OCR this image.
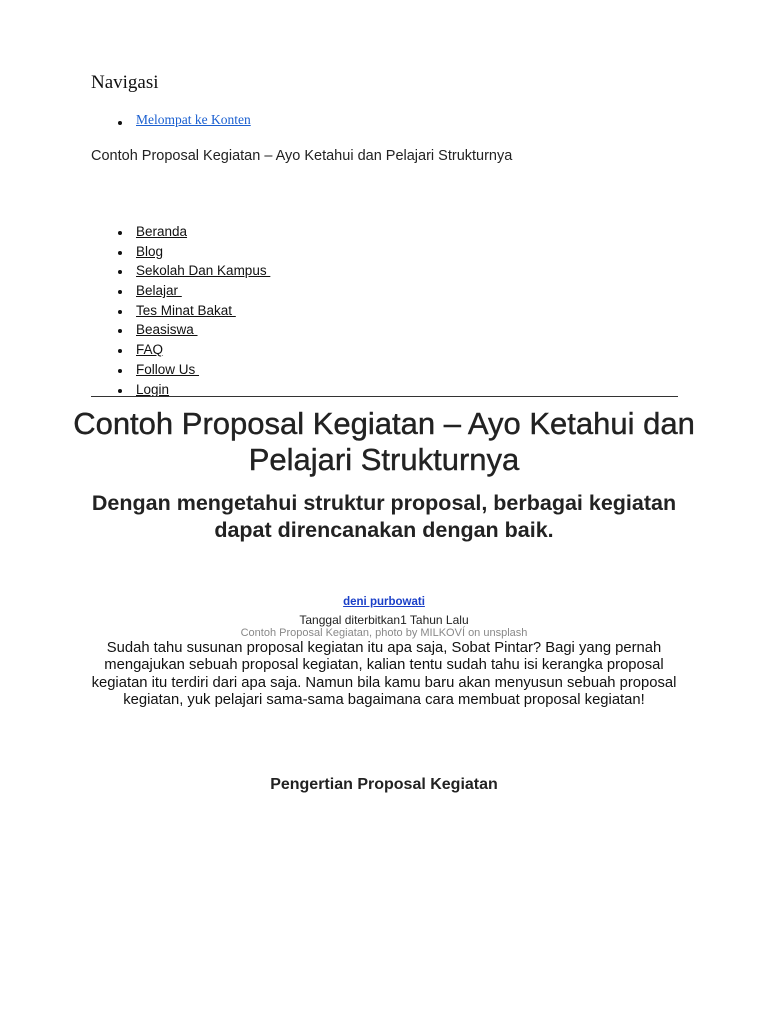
Navigasi
Melompat ke Konten

Contoh Proposal Kegiatan – Ayo Ketahui dan Pelajari Strukturnya

Beranda
Blog
Sekolah Dan Kampus
Belajar
Tes Minat Bakat
Beasiswa
FAQ
Follow Us
Login
Contoh Proposal Kegiatan – Ayo Ketahui dan Pelajari Strukturnya
Dengan mengetahui struktur proposal, berbagai kegiatan dapat direncanakan dengan baik.
deni purbowati
Tanggal diterbitkan1 Tahun Lalu
Contoh Proposal Kegiatan, photo by MILKOVÍ on unsplash

Sudah tahu susunan proposal kegiatan itu apa saja, Sobat Pintar? Bagi yang pernah mengajukan sebuah proposal kegiatan, kalian tentu sudah tahu isi kerangka proposal kegiatan itu terdiri dari apa saja. Namun bila kamu baru akan menyusun sebuah proposal kegiatan, yuk pelajari sama-sama bagaimana cara membuat proposal kegiatan!

Pengertian Proposal Kegiatan
